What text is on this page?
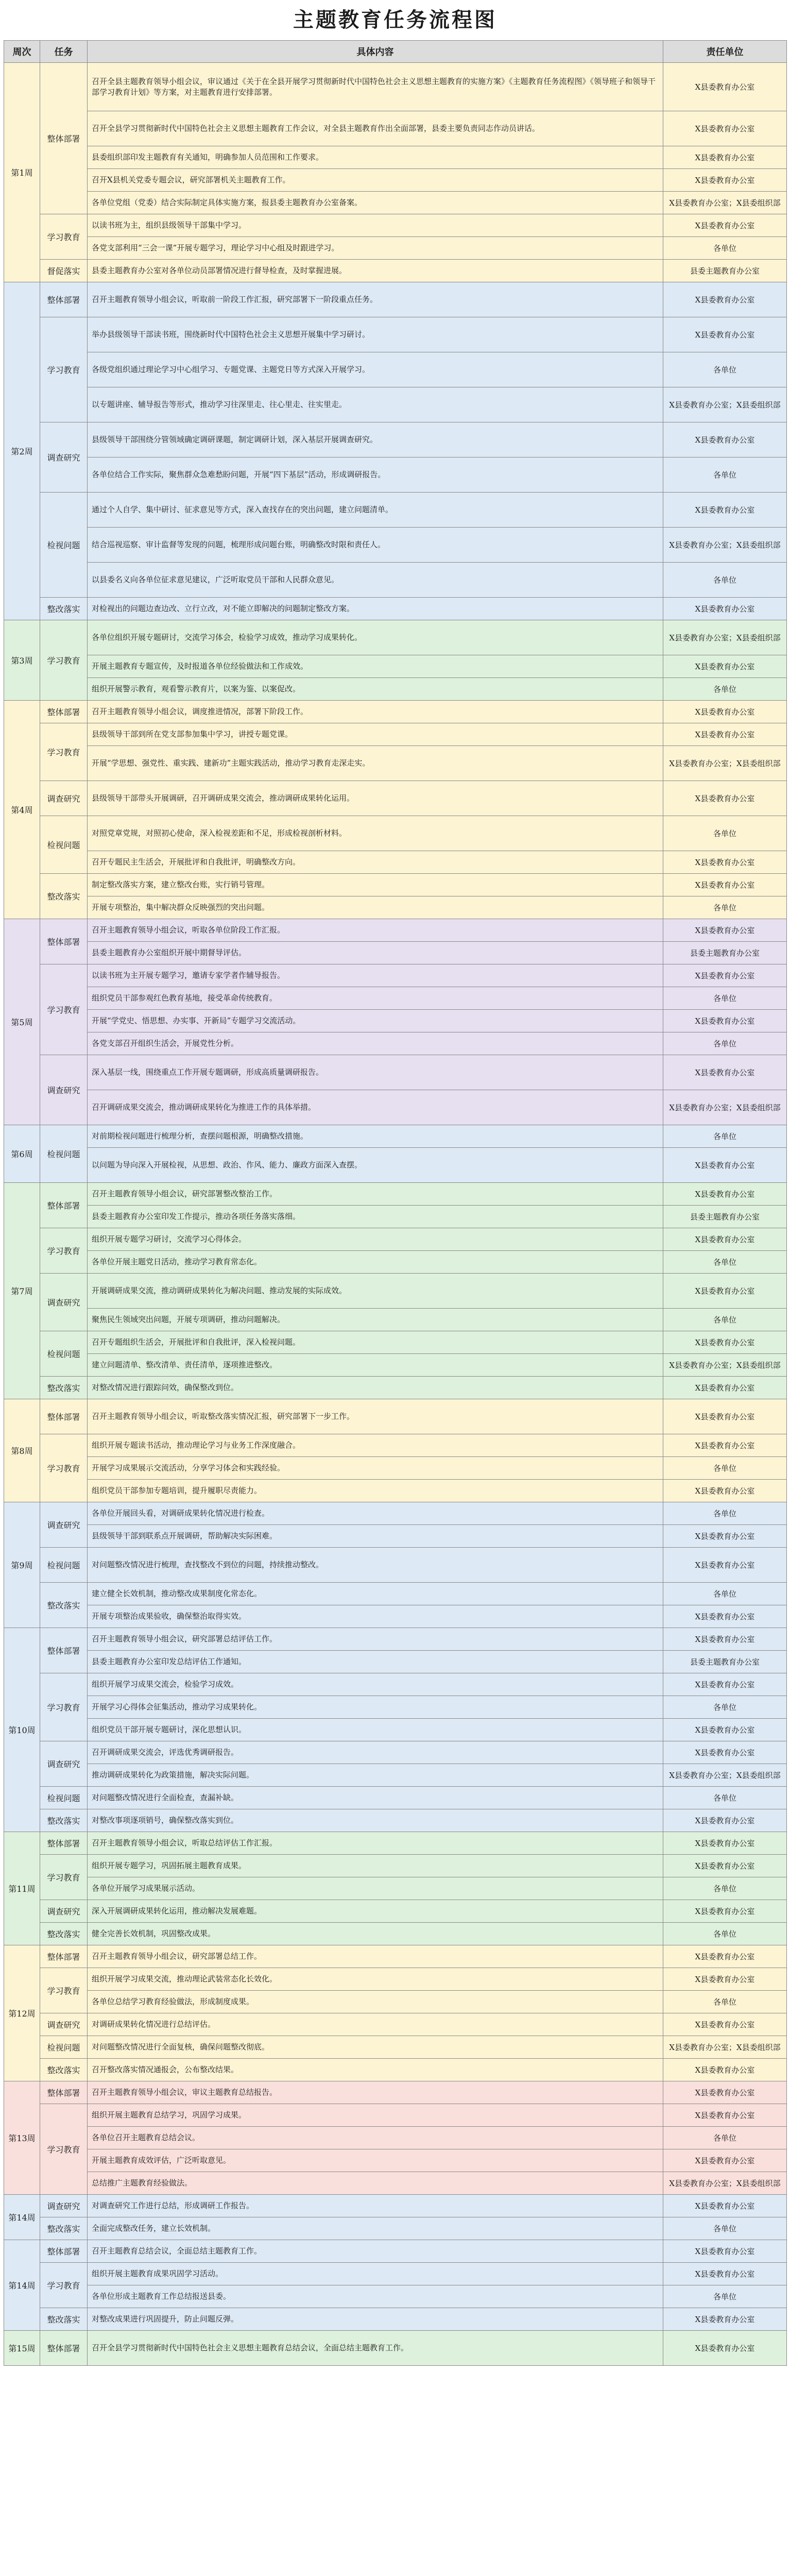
主题教育任务流程图
周次	任务	具体内容	责任单位
第1周	整体部署	召开全县主题教育领导小组会议，审议通过《关于在全县开展学习贯彻新时代中国特色社会主义思想主题教育的实施方案》《主题教育任务流程图》《领导班子和领导干部学习教育计划》等方案，对主题教育进行安排部署。	X县委教育办公室
		召开全县学习贯彻新时代中国特色社会主义思想主题教育工作会议，对全县主题教育作出全面部署，县委主要负责同志作动员讲话。	X县委教育办公室
		县委组织部印发主题教育有关通知，明确参加人员范围和工作要求。	X县委教育办公室
		召开X县机关党委专题会议，研究部署机关主题教育工作。	X县委教育办公室
		各单位党组（党委）结合实际制定具体实施方案，报县委主题教育办公室备案。	X县委教育办公室；X县委组织部
	学习教育	以读书班为主，组织县级领导干部集中学习。	X县委教育办公室
		各党支部利用“三会一课”开展专题学习，理论学习中心组及时跟进学习。	各单位
	督促落实	县委主题教育办公室对各单位动员部署情况进行督导检查，及时掌握进展。	县委主题教育办公室
第2周	整体部署	召开主题教育领导小组会议，听取前一阶段工作汇报，研究部署下一阶段重点任务。	X县委教育办公室
	学习教育	举办县级领导干部读书班，围绕新时代中国特色社会主义思想开展集中学习研讨。	X县委教育办公室
		各级党组织通过理论学习中心组学习、专题党课、主题党日等方式深入开展学习。	各单位
		以专题讲座、辅导报告等形式，推动学习往深里走、往心里走、往实里走。	X县委教育办公室；X县委组织部
	调查研究	县级领导干部围绕分管领域确定调研课题，制定调研计划，深入基层开展调查研究。	X县委教育办公室
		各单位结合工作实际，聚焦群众急难愁盼问题，开展“四下基层”活动，形成调研报告。	各单位
	检视问题	通过个人自学、集中研讨、征求意见等方式，深入查找存在的突出问题，建立问题清单。	X县委教育办公室
		结合巡视巡察、审计监督等发现的问题，梳理形成问题台账，明确整改时限和责任人。	X县委教育办公室；X县委组织部
		以县委名义向各单位征求意见建议，广泛听取党员干部和人民群众意见。	各单位
	整改落实	对检视出的问题边查边改、立行立改，对不能立即解决的问题制定整改方案。	X县委教育办公室
第3周	学习教育	各单位组织开展专题研讨，交流学习体会，检验学习成效，推动学习成果转化。	X县委教育办公室；X县委组织部
		开展主题教育专题宣传，及时报道各单位经验做法和工作成效。	X县委教育办公室
		组织开展警示教育，观看警示教育片，以案为鉴、以案促改。	各单位
第4周	整体部署	召开主题教育领导小组会议，调度推进情况，部署下阶段工作。	X县委教育办公室
	学习教育	县级领导干部到所在党支部参加集中学习，讲授专题党课。	X县委教育办公室
		开展“学思想、强党性、重实践、建新功”主题实践活动，推动学习教育走深走实。	X县委教育办公室；X县委组织部
	调查研究	县级领导干部带头开展调研，召开调研成果交流会，推动调研成果转化运用。	X县委教育办公室
	检视问题	对照党章党规，对照初心使命，深入检视差距和不足，形成检视剖析材料。	各单位
		召开专题民主生活会，开展批评和自我批评，明确整改方向。	X县委教育办公室
	整改落实	制定整改落实方案，建立整改台账，实行销号管理。	X县委教育办公室
		开展专项整治，集中解决群众反映强烈的突出问题。	各单位
第5周	整体部署	召开主题教育领导小组会议，听取各单位阶段工作汇报。	X县委教育办公室
		县委主题教育办公室组织开展中期督导评估。	县委主题教育办公室
	学习教育	以读书班为主开展专题学习，邀请专家学者作辅导报告。	X县委教育办公室
		组织党员干部参观红色教育基地，接受革命传统教育。	各单位
		开展“学党史、悟思想、办实事、开新局”专题学习交流活动。	X县委教育办公室
		各党支部召开组织生活会，开展党性分析。	各单位
	调查研究	深入基层一线，围绕重点工作开展专题调研，形成高质量调研报告。	X县委教育办公室
		召开调研成果交流会，推动调研成果转化为推进工作的具体举措。	X县委教育办公室；X县委组织部
第6周	检视问题	对前期检视问题进行梳理分析，查摆问题根源，明确整改措施。	各单位
		以问题为导向深入开展检视，从思想、政治、作风、能力、廉政方面深入查摆。	X县委教育办公室
第7周	整体部署	召开主题教育领导小组会议，研究部署整改整治工作。	X县委教育办公室
		县委主题教育办公室印发工作提示，推动各项任务落实落细。	县委主题教育办公室
	学习教育	组织开展专题学习研讨，交流学习心得体会。	X县委教育办公室
		各单位开展主题党日活动，推动学习教育常态化。	各单位
	调查研究	开展调研成果交流，推动调研成果转化为解决问题、推动发展的实际成效。	X县委教育办公室
		聚焦民生领域突出问题，开展专项调研，推动问题解决。	各单位
	检视问题	召开专题组织生活会，开展批评和自我批评，深入检视问题。	X县委教育办公室
		建立问题清单、整改清单、责任清单，逐项推进整改。	X县委教育办公室；X县委组织部
	整改落实	对整改情况进行跟踪问效，确保整改到位。	X县委教育办公室
第8周	整体部署	召开主题教育领导小组会议，听取整改落实情况汇报，研究部署下一步工作。	X县委教育办公室
	学习教育	组织开展专题读书活动，推动理论学习与业务工作深度融合。	X县委教育办公室
		开展学习成果展示交流活动，分享学习体会和实践经验。	各单位
		组织党员干部参加专题培训，提升履职尽责能力。	X县委教育办公室
第9周	调查研究	各单位开展回头看，对调研成果转化情况进行检查。	各单位
		县级领导干部到联系点开展调研，帮助解决实际困难。	X县委教育办公室
	检视问题	对问题整改情况进行梳理，查找整改不到位的问题，持续推动整改。	X县委教育办公室
	整改落实	建立健全长效机制，推动整改成果制度化常态化。	各单位
		开展专项整治成果验收，确保整治取得实效。	X县委教育办公室
第10周	整体部署	召开主题教育领导小组会议，研究部署总结评估工作。	X县委教育办公室
		县委主题教育办公室印发总结评估工作通知。	县委主题教育办公室
	学习教育	组织开展学习成果交流会，检验学习成效。	X县委教育办公室
		开展学习心得体会征集活动，推动学习成果转化。	各单位
		组织党员干部开展专题研讨，深化思想认识。	X县委教育办公室
	调查研究	召开调研成果交流会，评选优秀调研报告。	X县委教育办公室
		推动调研成果转化为政策措施，解决实际问题。	X县委教育办公室；X县委组织部
	检视问题	对问题整改情况进行全面检查，查漏补缺。	各单位
	整改落实	对整改事项逐项销号，确保整改落实到位。	X县委教育办公室
第11周	整体部署	召开主题教育领导小组会议，听取总结评估工作汇报。	X县委教育办公室
	学习教育	组织开展专题学习，巩固拓展主题教育成果。	X县委教育办公室
		各单位开展学习成果展示活动。	各单位
	调查研究	深入开展调研成果转化运用，推动解决发展难题。	X县委教育办公室
	整改落实	健全完善长效机制，巩固整改成果。	各单位
第12周	整体部署	召开主题教育领导小组会议，研究部署总结工作。	X县委教育办公室
	学习教育	组织开展学习成果交流，推动理论武装常态化长效化。	X县委教育办公室
		各单位总结学习教育经验做法，形成制度成果。	各单位
	调查研究	对调研成果转化情况进行总结评估。	X县委教育办公室
	检视问题	对问题整改情况进行全面复核，确保问题整改彻底。	X县委教育办公室；X县委组织部
	整改落实	召开整改落实情况通报会，公布整改结果。	X县委教育办公室
第13周	整体部署	召开主题教育领导小组会议，审议主题教育总结报告。	X县委教育办公室
	学习教育	组织开展主题教育总结学习，巩固学习成果。	X县委教育办公室
		各单位召开主题教育总结会议。	各单位
		开展主题教育成效评估，广泛听取意见。	X县委教育办公室
		总结推广主题教育经验做法。	X县委教育办公室；X县委组织部
第14周	调查研究	对调查研究工作进行总结，形成调研工作报告。	X县委教育办公室
	整改落实	全面完成整改任务，建立长效机制。	各单位
第14周	整体部署	召开主题教育总结会议，全面总结主题教育工作。	X县委教育办公室
	学习教育	组织开展主题教育成果巩固学习活动。	X县委教育办公室
		各单位形成主题教育工作总结报送县委。	各单位
	整改落实	对整改成果进行巩固提升，防止问题反弹。	X县委教育办公室
第15周	整体部署	召开全县学习贯彻新时代中国特色社会主义思想主题教育总结会议，全面总结主题教育工作。	X县委教育办公室
